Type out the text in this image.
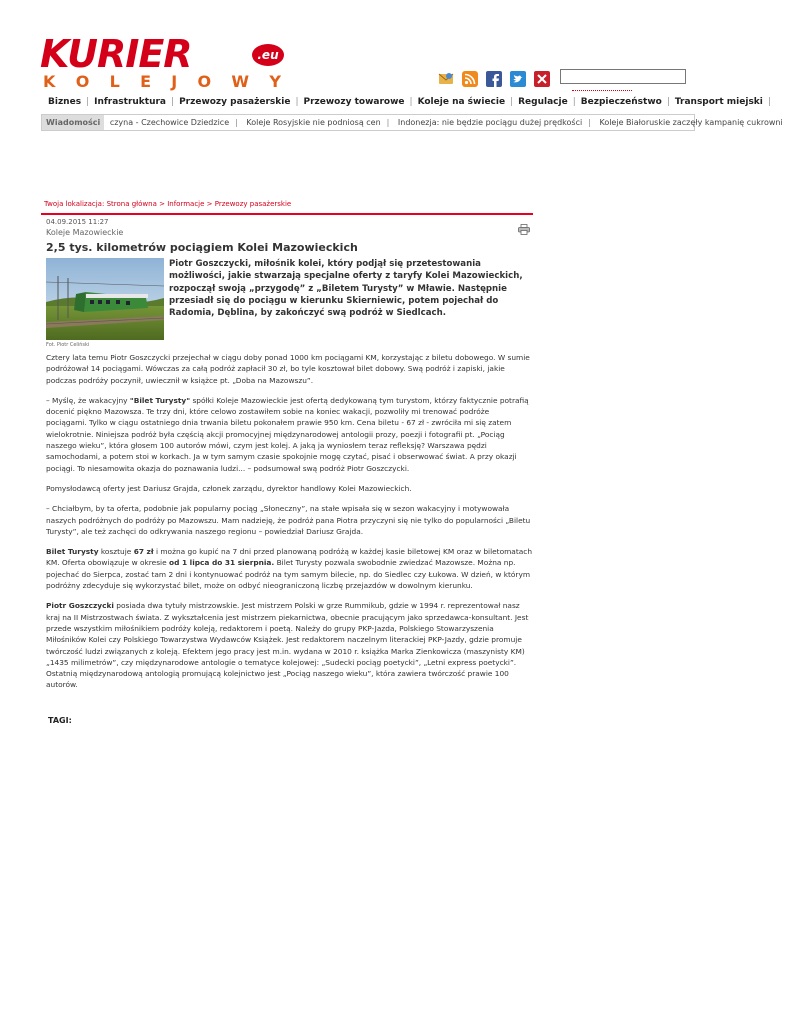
KURIER	.eu
K O L E J O W Y
Biznes | Infrastruktura | Przewozy pasażerskie | Przewozy towarowe | Koleje na świecie | Regulacje | Bezpieczeństwo | Transport miejski |
Wiadomości czyna - Czechowice Dziedzice | Koleje Rosyjskie nie podniosą cen | Indonezja: nie będzie pociągu dużej prędkości | Koleje Białoruskie zaczęły kampanię cukrowni
Twoja lokalizacja: Strona główna > Informacje > Przewozy pasażerskie
04.09.2015 11:27
Koleje Mazowieckie
2,5 tys. kilometrów pociągiem Kolei Mazowieckich
Fot. Piotr Celiński
Piotr Goszczycki, miłośnik kolei, który podjął się przetestowania możliwości, jakie stwarzają specjalne oferty z taryfy Kolei Mazowieckich, rozpoczął swoją „przygodę” z „Biletem Turysty” w Mławie. Następnie przesiadł się do pociągu w kierunku Skierniewic, potem pojechał do Radomia, Dęblina, by zakończyć swą podróż w Siedlcach.

Cztery lata temu Piotr Goszczycki przejechał w ciągu doby ponad 1000 km pociągami KM, korzystając z biletu dobowego. W sumie podróżował 14 pociągami. Wówczas za całą podróż zapłacił 30 zł, bo tyle kosztował bilet dobowy. Swą podróż i zapiski, jakie podczas podróży poczynił, uwiecznił w książce pt. „Doba na Mazowszu”.

– Myślę, że wakacyjny "Bilet Turysty" spółki Koleje Mazowieckie jest ofertą dedykowaną tym turystom, którzy faktycznie potrafią docenić piękno Mazowsza. Te trzy dni, które celowo zostawiłem sobie na koniec wakacji, pozwoliły mi trenować podróże pociągami. Tylko w ciągu ostatniego dnia trwania biletu pokonałem prawie 950 km. Cena biletu - 67 zł - zwróciła mi się zatem wielokrotnie. Niniejsza podróż była częścią akcji promocyjnej międzynarodowej antologii prozy, poezji i fotografii pt. „Pociąg naszego wieku”, która głosem 100 autorów mówi, czym jest kolej. A jaką ja wyniosłem teraz refleksję? Warszawa pędzi samochodami, a potem stoi w korkach. Ja w tym samym czasie spokojnie mogę czytać, pisać i obserwować świat. A przy okazji pociągi. To niesamowita okazja do poznawania ludzi... – podsumował swą podróż Piotr Goszczycki.

Pomysłodawcą oferty jest Dariusz Grajda, członek zarządu, dyrektor handlowy Kolei Mazowieckich.

– Chciałbym, by ta oferta, podobnie jak popularny pociąg „Słoneczny”, na stałe wpisała się w sezon wakacyjny i motywowała naszych podróżnych do podróży po Mazowszu. Mam nadzieję, że podróż pana Piotra przyczyni się nie tylko do popularności „Biletu Turysty”, ale też zachęci do odkrywania naszego regionu – powiedział Dariusz Grajda.

Bilet Turysty kosztuje 67 zł i można go kupić na 7 dni przed planowaną podróżą w każdej kasie biletowej KM oraz w biletomatach KM. Oferta obowiązuje w okresie od 1 lipca do 31 sierpnia. Bilet Turysty pozwala swobodnie zwiedzać Mazowsze. Można np. pojechać do Sierpca, zostać tam 2 dni i kontynuować podróż na tym samym bilecie, np. do Siedlec czy Łukowa. W dzień, w którym podróżny zdecyduje się wykorzystać bilet, może on odbyć nieograniczoną liczbę przejazdów w dowolnym kierunku.

Piotr Goszczycki posiada dwa tytuły mistrzowskie. Jest mistrzem Polski w grze Rummikub, gdzie w 1994 r. reprezentował nasz kraj na II Mistrzostwach świata. Z wykształcenia jest mistrzem piekarnictwa, obecnie pracującym jako sprzedawca-konsultant. Jest przede wszystkim miłośnikiem podróży koleją, redaktorem i poetą. Należy do grupy PKP-Jazda, Polskiego Stowarzyszenia Miłośników Kolei czy Polskiego Towarzystwa Wydawców Książek. Jest redaktorem naczelnym literackiej PKP-Jazdy, gdzie promuje twórczość ludzi związanych z koleją. Efektem jego pracy jest m.in. wydana w 2010 r. książka Marka Zienkowicza (maszynisty KM) „1435 milimetrów”, czy międzynarodowe antologie o tematyce kolejowej: „Sudecki pociąg poetycki”, „Letni express poetycki”. Ostatnią międzynarodową antologią promującą kolejnictwo jest „Pociąg naszego wieku”, która zawiera twórczość prawie 100 autorów.

TAGI:
